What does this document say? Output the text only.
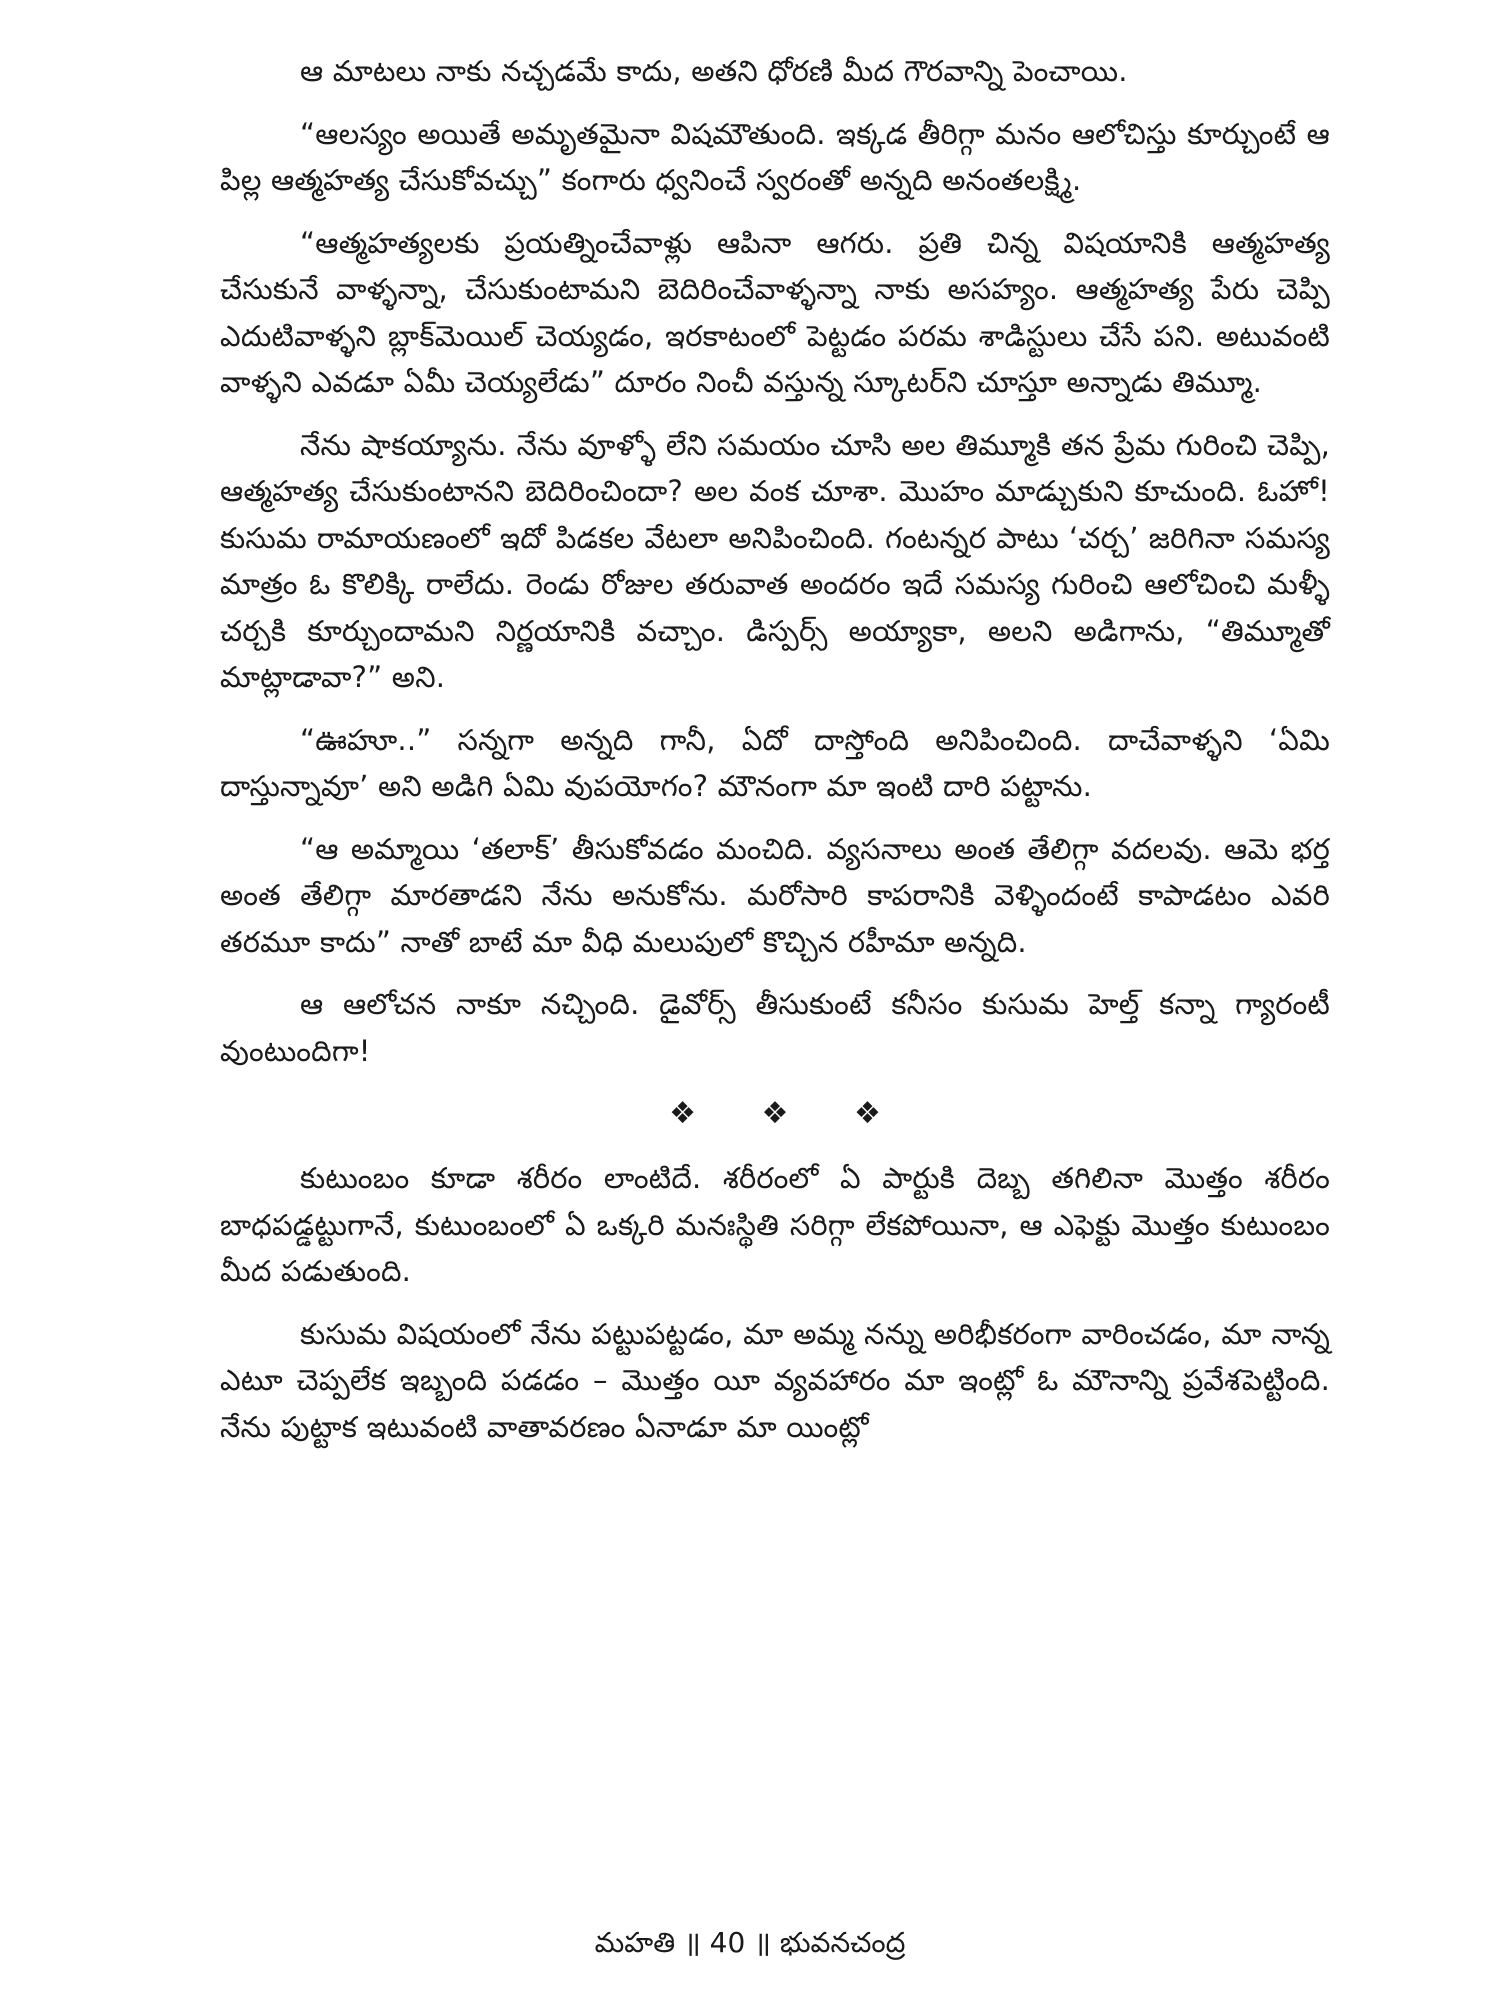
ఆ మాటలు నాకు నచ్చడమే కాదు, అతని ధోరణి మీద గౌరవాన్ని పెంచాయి.

“ఆలస్యం అయితే అమృతమైనా విషమౌతుంది. ఇక్కడ తీరిగ్గా మనం ఆలోచిస్తు కూర్చుంటే ఆ పిల్ల ఆత్మహత్య చేసుకోవచ్చు” కంగారు ధ్వనించే స్వరంతో అన్నది అనంతలక్ష్మి.

“ఆత్మహత్యలకు ప్రయత్నించేవాళ్లు ఆపినా ఆగరు. ప్రతి చిన్న విషయానికి ఆత్మహత్య చేసుకునే వాళ్ళన్నా, చేసుకుంటామని బెదిరించేవాళ్ళన్నా నాకు అసహ్యం. ఆత్మహత్య పేరు చెప్పి ఎదుటివాళ్ళని బ్లాక్‌మెయిల్ చెయ్యడం, ఇరకాటంలో పెట్టడం పరమ శాడిస్టులు చేసే పని. అటువంటి వాళ్ళని ఎవడూ ఏమీ చెయ్యలేడు” దూరం నించీ వస్తున్న స్కూటర్‌ని చూస్తూ అన్నాడు తిమ్మూ.

నేను షాకయ్యాను. నేను వూళ్ళో లేని సమయం చూసి అల తిమ్మూకి తన ప్రేమ గురించి చెప్పి, ఆత్మహత్య చేసుకుంటానని బెదిరించిందా? అల వంక చూశా. మొహం మాడ్చుకుని కూచుంది. ఓహో! కుసుమ రామాయణంలో ఇదో పిడకల వేటలా అనిపించింది. గంటన్నర పాటు ‘చర్చ’ జరిగినా సమస్య మాత్రం ఓ కొలిక్కి రాలేదు. రెండు రోజుల తరువాత అందరం ఇదే సమస్య గురించి ఆలోచించి మళ్ళీ చర్చకి కూర్చుందామని నిర్ణయానికి వచ్చాం. డిస్పర్స్ అయ్యాకా, అలని అడిగాను, “తిమ్మూతో మాట్లాడావా?” అని.

“ఊహూ..” సన్నగా అన్నది గానీ, ఏదో దాస్తోంది అనిపించింది. దాచేవాళ్ళని ‘ఏమి దాస్తున్నావూ’ అని అడిగి ఏమి వుపయోగం? మౌనంగా మా ఇంటి దారి పట్టాను.

“ఆ అమ్మాయి ‘తలాక్’ తీసుకోవడం మంచిది. వ్యసనాలు అంత తేలిగ్గా వదలవు. ఆమె భర్త అంత తేలిగ్గా మారతాడని నేను అనుకోను. మరోసారి కాపరానికి వెళ్ళిందంటే కాపాడటం ఎవరి తరమూ కాదు” నాతో బాటే మా వీధి మలుపులో కొచ్చిన రహీమా అన్నది.

ఆ ఆలోచన నాకూ నచ్చింది. డైవోర్స్ తీసుకుంటే కనీసం కుసుమ హెల్త్ కన్నా గ్యారంటీ వుంటుందిగా!

❖ ❖ ❖

కుటుంబం కూడా శరీరం లాంటిదే. శరీరంలో ఏ పార్టుకి దెబ్బ తగిలినా మొత్తం శరీరం బాధపడ్డట్టుగానే, కుటుంబంలో ఏ ఒక్కరి మనఃస్థితి సరిగ్గా లేకపోయినా, ఆ ఎఫెక్టు మొత్తం కుటుంబం మీద పడుతుంది.

కుసుమ విషయంలో నేను పట్టుపట్టడం, మా అమ్మ నన్ను అరిభీకరంగా వారించడం, మా నాన్న ఎటూ చెప్పలేక ఇబ్బంది పడడం – మొత్తం యీ వ్యవహారం మా ఇంట్లో ఓ మౌనాన్ని ప్రవేశపెట్టింది. నేను పుట్టాక ఇటువంటి వాతావరణం ఏనాడూ మా యింట్లో

మహతి ॥ 40 ॥ భువనచంద్ర
